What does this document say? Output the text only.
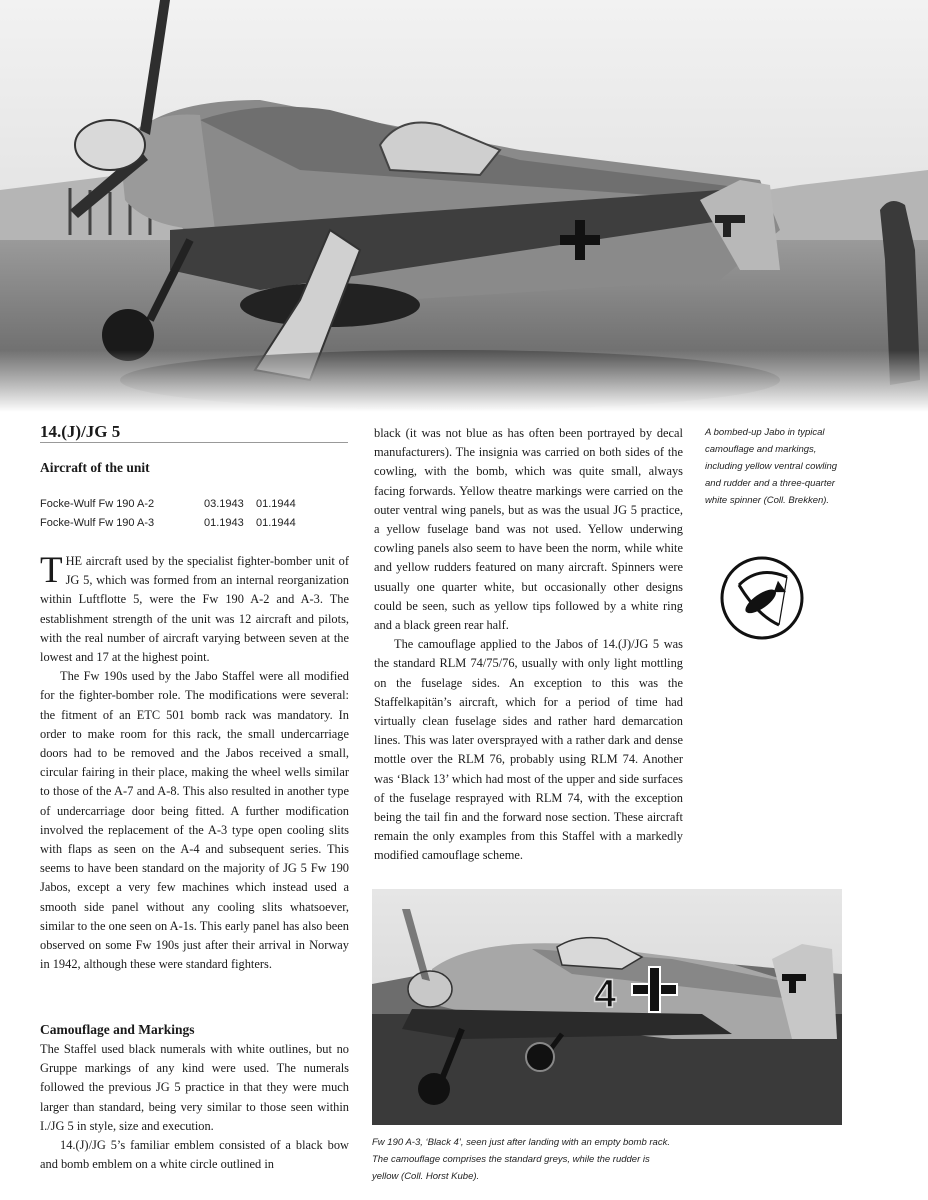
14.(J)/JG 5
Aircraft of the unit
Focke-Wulf Fw 190 A-2	03.1943	01.1944
Focke-Wulf Fw 190 A-3	01.1943	01.1944

THE aircraft used by the specialist fighter-bomber unit of JG 5, which was formed from an internal reorganization within Luftflotte 5, were the Fw 190 A-2 and A-3. The establishment strength of the unit was 12 aircraft and pilots, with the real number of aircraft varying between seven at the lowest and 17 at the highest point.

The Fw 190s used by the Jabo Staffel were all modified for the fighter-bomber role. The modifications were several: the fitment of an ETC 501 bomb rack was mandatory. In order to make room for this rack, the small undercarriage doors had to be removed and the Jabos received a small, circular fairing in their place, making the wheel wells similar to those of the A-7 and A-8. This also resulted in another type of undercarriage door being fitted. A further modification involved the replacement of the A-3 type open cooling slits with flaps as seen on the A-4 and subsequent series. This seems to have been standard on the majority of JG 5 Fw 190 Jabos, except a very few machines which instead used a smooth side panel without any cooling slits whatsoever, similar to the one seen on A-1s. This early panel has also been observed on some Fw 190s just after their arrival in Norway in 1942, although these were standard fighters.

Camouflage and Markings

The Staffel used black numerals with white outlines, but no Gruppe markings of any kind were used. The numerals followed the previous JG 5 practice in that they were much larger than standard, being very similar to those seen within I./JG 5 in style, size and execution.

14.(J)/JG 5’s familiar emblem consisted of a black bow and bomb emblem on a white circle outlined in

black (it was not blue as has often been portrayed by decal manufacturers). The insignia was carried on both sides of the cowling, with the bomb, which was quite small, always facing forwards. Yellow theatre markings were carried on the outer ventral wing panels, but as was the usual JG 5 practice, a yellow fuselage band was not used. Yellow underwing cowling panels also seem to have been the norm, while white and yellow rudders featured on many aircraft. Spinners were usually one quarter white, but occasionally other designs could be seen, such as yellow tips followed by a white ring and a black green rear half.

The camouflage applied to the Jabos of 14.(J)/JG 5 was the standard RLM 74/75/76, usually with only light mottling on the fuselage sides. An exception to this was the Staffelkapitän’s aircraft, which for a period of time had virtually clean fuselage sides and rather hard demarcation lines. This was later oversprayed with a rather dark and dense mottle over the RLM 76, probably using RLM 74. Another was ‘Black 13’ which had most of the upper and side surfaces of the fuselage resprayed with RLM 74, with the exception being the tail fin and the forward nose section. These aircraft remain the only examples from this Staffel with a markedly modified camouflage scheme.

A bombed-up Jabo in typical camouflage and markings, including yellow ventral cowling and rudder and a three-quarter white spinner (Coll. Brekken).

4

Fw 190 A-3, ‘Black 4’, seen just after landing with an empty bomb rack. The camouflage comprises the standard greys, while the rudder is yellow (Coll. Horst Kube).
